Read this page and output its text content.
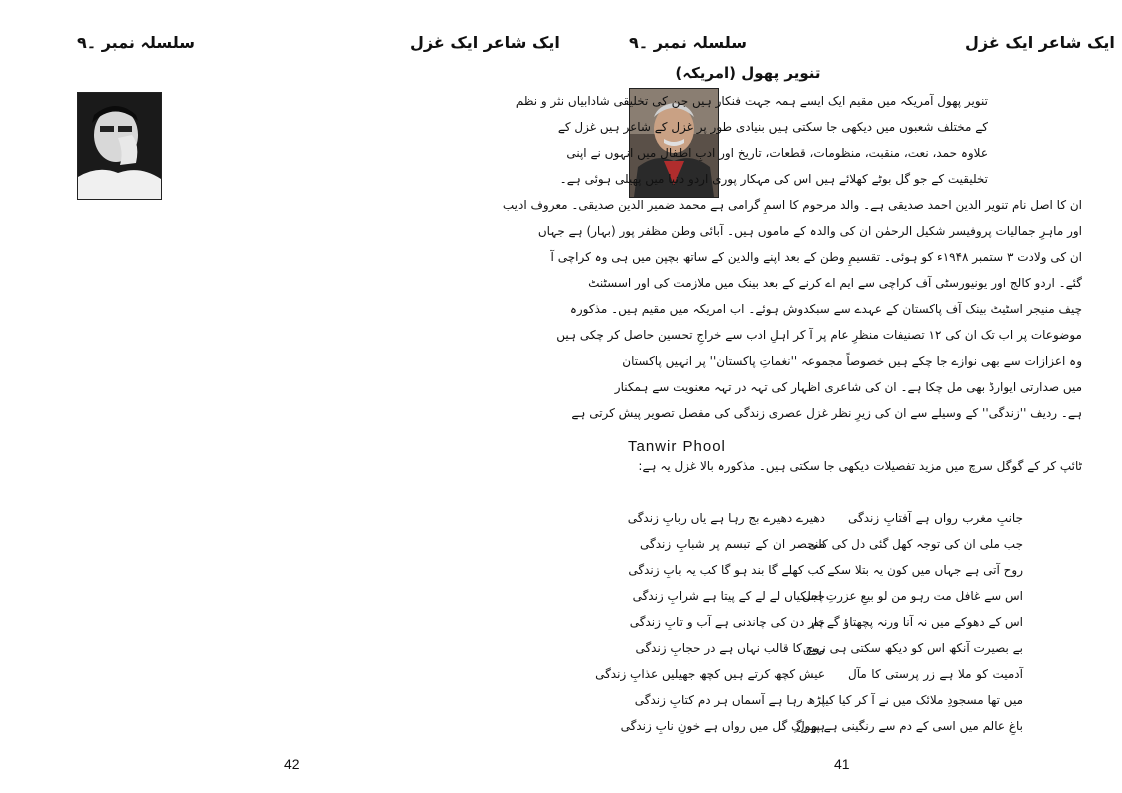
سلسلہ نمبر ۔۹	ایک شاعر ایک غزل
42
سلسلہ نمبر ۔۹	ایک شاعر ایک غزل
41
تنویر پھول (امریکہ)
تنویر پھول آمریکہ میں مقیم ایک ایسے ہمہ جہت فنکار ہیں جن کی تخلیقی شادابیاں نثر و نظم
کے مختلف شعبوں میں دیکھی جا سکتی ہیں بنیادی طور پر غزل کے شاعر ہیں غزل کے
علاوہ حمد، نعت، منقبت، منظومات، قطعات، تاریخ اور ادبِ اطفال میں انہوں نے اپنی
تخلیقیت کے جو گل بوٹے کھلائے ہیں اس کی مہکار پوری اردو دنیا میں پھیلی ہوئی ہے۔
ان کا اصل نام تنویر الدین احمد صدیقی ہے۔ والد مرحوم کا اسمِ گرامی ہے محمد ضمیر الدین صدیقی۔ معروف ادیب
اور ماہرِ جمالیات پروفیسر شکیل الرحمٰن ان کی والدہ کے ماموں ہیں۔ آبائی وطن مظفر پور (بہار) ہے جہاں
ان کی ولادت ۳ ستمبر ۱۹۴۸ء کو ہوئی۔ تقسیمِ وطن کے بعد اپنے والدین کے ساتھ بچپن میں ہی وہ کراچی آ
گئے۔ اردو کالج اور یونیورسٹی آف کراچی سے ایم اے کرنے کے بعد بینک میں ملازمت کی اور اسسٹنٹ
چیف منیجر اسٹیٹ بینک آف پاکستان کے عہدے سے سبکدوش ہوئے۔ اب امریکہ میں مقیم ہیں۔ مذکورہ
موضوعات پر اب تک ان کی ۱۲ تصنیفات منظرِ عام پر آ کر اہلِ ادب سے خراجِ تحسین حاصل کر چکی ہیں
وہ اعزازات سے بھی نوازے جا چکے ہیں خصوصاً مجموعہ ''نغماتِ پاکستان'' پر انہیں پاکستان
میں صدارتی ایوارڈ بھی مل چکا ہے۔ ان کی شاعری اظہار کی تہہ در تہہ معنویت سے ہمکنار
ہے۔ ردیف ''زندگی'' کے وسیلے سے ان کی زیرِ نظر غزل عصری زندگی کی مفصل تصویر پیش کرتی ہے
Tanwir Phool
ٹائپ کر کے گوگل سرچ میں مزید تفصیلات دیکھی جا سکتی ہیں۔ مذکورہ بالا غزل یہ ہے:
جانبِ مغرب رواں ہے آفتابِ زندگی
دھیرے دھیرے بج رہا ہے یاں ربابِ زندگی
جب ملی ان کی توجہ کھل گئی دل کی کلی
منحصر ان کے تبسم پر شبابِ زندگی
روح آتی ہے جہاں میں کون یہ بتلا سکے
کب کھلے گا بند ہو گا کب یہ بابِ زندگی
اس سے غافل مت رہو من لو بیعِ عزرتِ اجل
چسکیاں لے لے کے پیتا ہے شرابِ زندگی
اس کے دھوکے میں نہ آنا ورنہ پچھتاؤ گے تم
چار دن کی چاندنی ہے آب و تابِ زندگی
بے بصیرت آنکھ اس کو دیکھ سکتی ہی نہیں
روح کا قالب نہاں ہے در حجابِ زندگی
آدمیت کو ملا ہے زر پرستی کا مآل
عیش کچھ کرتے ہیں کچھ جھیلیں عذابِ زندگی
میں تھا مسجودِ ملائک میں نے آ کر کیا کیا
پڑھ رہا ہے آسماں ہر دم کتابِ زندگی
باغِ عالم میں اسی کے دم سے رنگینی ہے پھول
ہر رگِ گل میں رواں ہے خونِ نابِ زندگی
